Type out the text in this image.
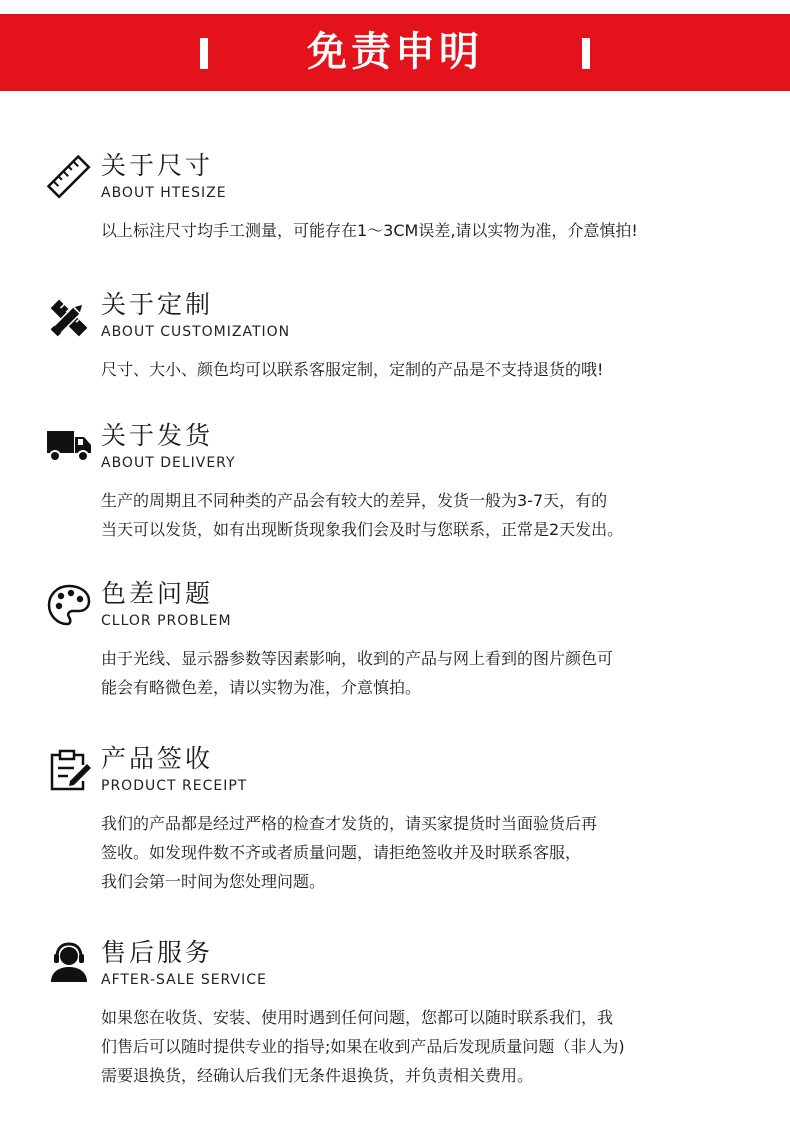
免责申明
关于尺寸
ABOUT HTESIZE
以上标注尺寸均手工测量，可能存在1～3CM误差,请以实物为准，介意慎拍!
关于定制
ABOUT CUSTOMIZATION
尺寸、大小、颜色均可以联系客服定制，定制的产品是不支持退货的哦!
关于发货
ABOUT DELIVERY
生产的周期且不同种类的产品会有较大的差异，发货一般为3-7天，有的
当天可以发货，如有出现断货现象我们会及时与您联系，正常是2天发出。
色差问题
CLLOR PROBLEM
由于光线、显示器参数等因素影响，收到的产品与网上看到的图片颜色可
能会有略微色差，请以实物为准，介意慎拍。
产品签收
PRODUCT RECEIPT
我们的产品都是经过严格的检查才发货的，请买家提货时当面验货后再
签收。如发现件数不齐或者质量问题，请拒绝签收并及时联系客服，
我们会第一时间为您处理问题。
售后服务
AFTER-SALE SERVICE
如果您在收货、安装、使用时遇到任何问题，您都可以随时联系我们，我
们售后可以随时提供专业的指导;如果在收到产品后发现质量问题（非人为)
需要退换货，经确认后我们无条件退换货，并负责相关费用。
